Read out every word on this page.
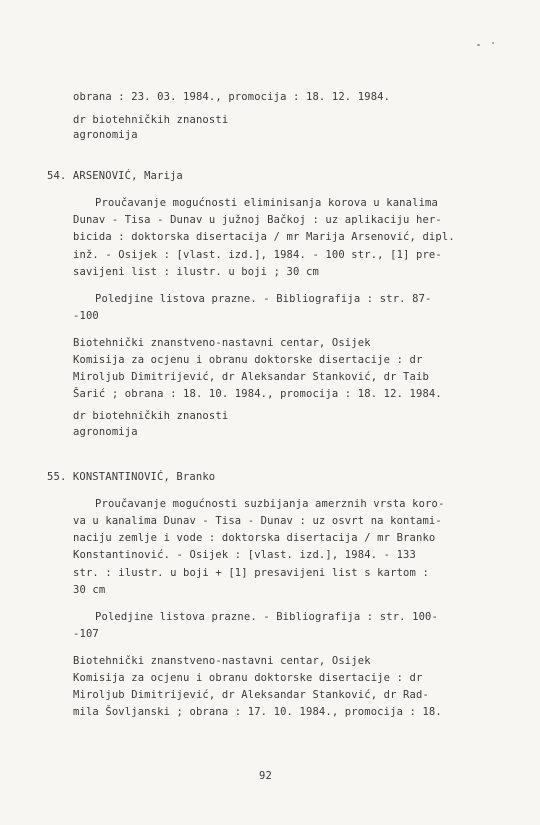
obrana : 23. 03. 1984., promocija : 18. 12. 1984.
dr biotehničkih znanosti
agronomija
54. ARSENOVIĆ, Marija
Proučavanje mogućnosti eliminisanja korova u kanalima
Dunav - Tisa - Dunav u južnoj Bačkoj : uz aplikaciju her-
bicida : doktorska disertacija / mr Marija Arsenović, dipl.
inž. - Osijek : [vlast. izd.], 1984. - 100 str., [1] pre-
savijeni list : ilustr. u boji ; 30 cm
Poledjine listova prazne. - Bibliografija : str. 87-
-100
Biotehnički znanstveno-nastavni centar, Osijek
Komisija za ocjenu i obranu doktorske disertacije : dr
Miroljub Dimitrijević, dr Aleksandar Stanković, dr Taib
Šarić ; obrana : 18. 10. 1984., promocija : 18. 12. 1984.
dr biotehničkih znanosti
agronomija
55. KONSTANTINOVIĆ, Branko
Proučavanje mogućnosti suzbijanja amerznih vrsta koro-
va u kanalima Dunav - Tisa - Dunav : uz osvrt na kontami-
naciju zemlje i vode : doktorska disertacija / mr Branko
Konstantinović. - Osijek : [vlast. izd.], 1984. - 133
str. : ilustr. u boji + [1] presavijeni list s kartom :
30 cm
Poledjine listova prazne. - Bibliografija : str. 100-
-107
Biotehnički znanstveno-nastavni centar, Osijek
Komisija za ocjenu i obranu doktorske disertacije : dr
Miroljub Dimitrijević, dr Aleksandar Stanković, dr Rad-
mila Šovljanski ; obrana : 17. 10. 1984., promocija : 18.
92
